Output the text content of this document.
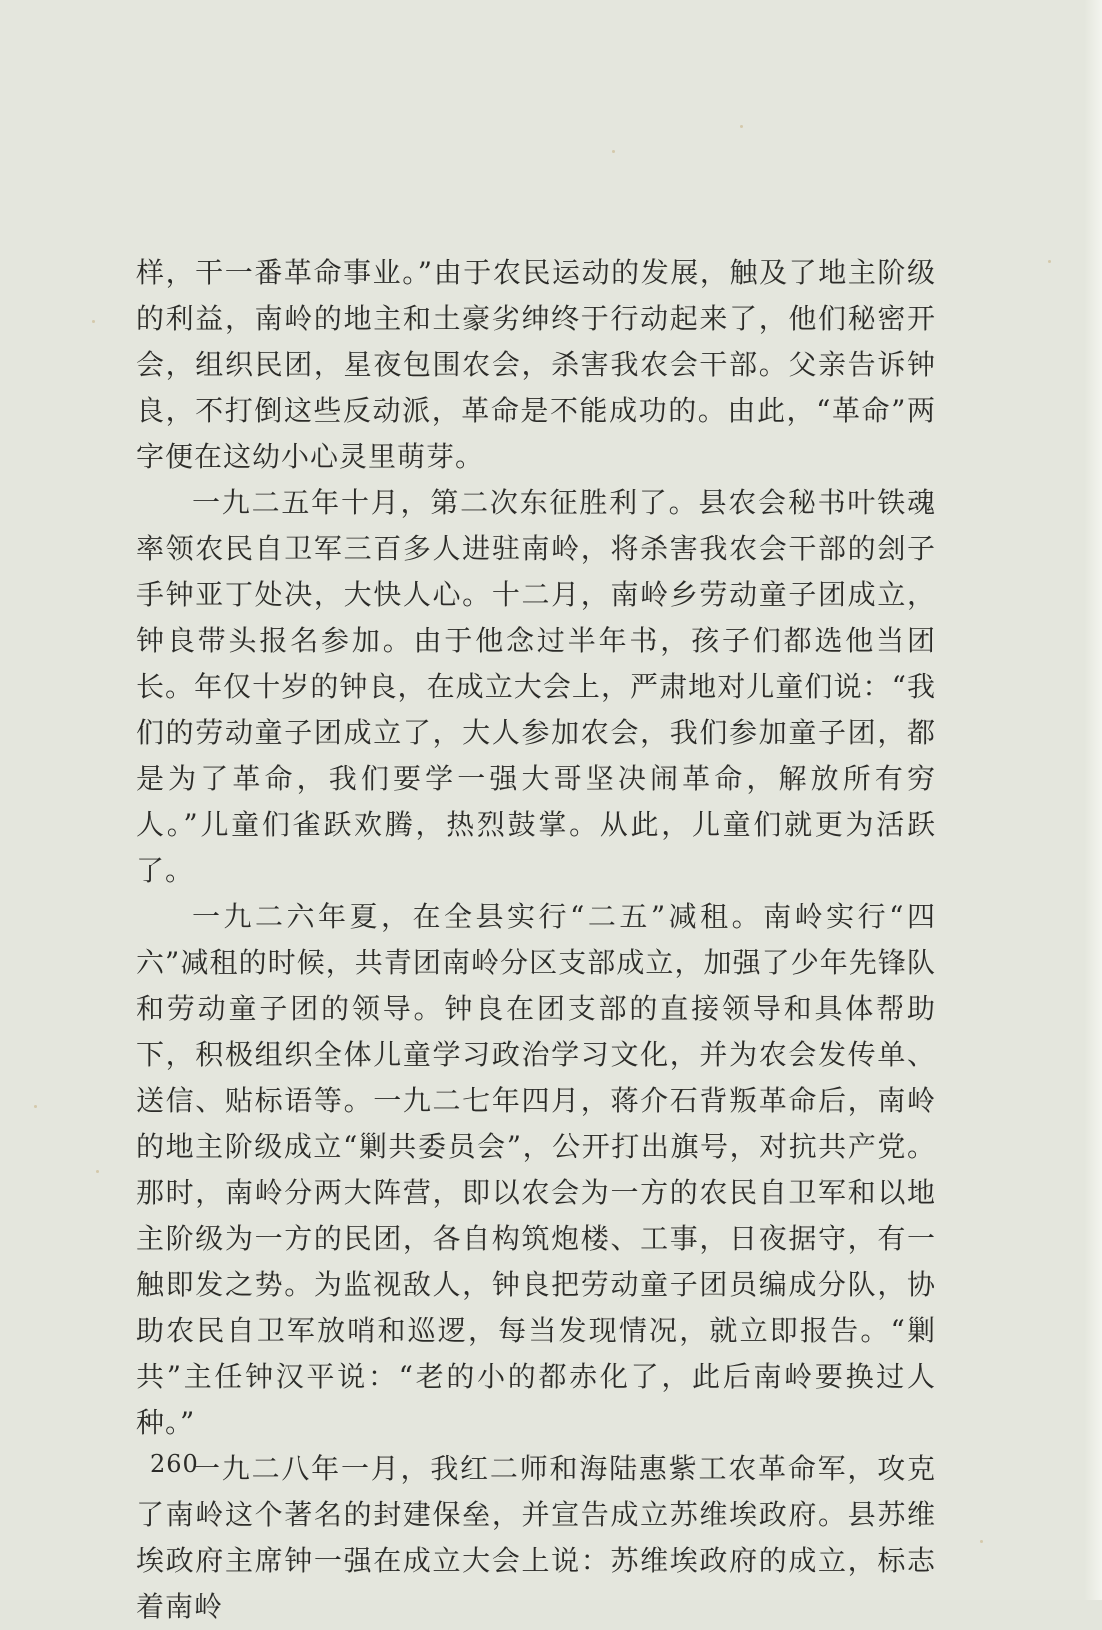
样，干一番革命事业。”由于农民运动的发展，触及了地主阶级的利益，南岭的地主和土豪劣绅终于行动起来了，他们秘密开会，组织民团，星夜包围农会，杀害我农会干部。父亲告诉钟良，不打倒这些反动派，革命是不能成功的。由此，“革命”两字便在这幼小心灵里萌芽。

一九二五年十月，第二次东征胜利了。县农会秘书叶铁魂率领农民自卫军三百多人进驻南岭，将杀害我农会干部的刽子手钟亚丁处决，大快人心。十二月，南岭乡劳动童子团成立，钟良带头报名参加。由于他念过半年书，孩子们都选他当团长。年仅十岁的钟良，在成立大会上，严肃地对儿童们说：“我们的劳动童子团成立了，大人参加农会，我们参加童子团，都是为了革命，我们要学一强大哥坚决闹革命，解放所有穷人。”儿童们雀跃欢腾，热烈鼓掌。从此，儿童们就更为活跃了。

一九二六年夏，在全县实行“二五”减租。南岭实行“四六”减租的时候，共青团南岭分区支部成立，加强了少年先锋队和劳动童子团的领导。钟良在团支部的直接领导和具体帮助下，积极组织全体儿童学习政治学习文化，并为农会发传单、送信、贴标语等。一九二七年四月，蒋介石背叛革命后，南岭的地主阶级成立“剿共委员会”，公开打出旗号，对抗共产党。那时，南岭分两大阵营，即以农会为一方的农民自卫军和以地主阶级为一方的民团，各自构筑炮楼、工事，日夜据守，有一触即发之势。为监视敌人，钟良把劳动童子团员编成分队，协助农民自卫军放哨和巡逻，每当发现情况，就立即报告。“剿共”主任钟汉平说：“老的小的都赤化了，此后南岭要换过人种。”

一九二八年一月，我红二师和海陆惠紫工农革命军，攻克了南岭这个著名的封建保垒，并宣告成立苏维埃政府。县苏维埃政府主席钟一强在成立大会上说：苏维埃政府的成立，标志着南岭

260
